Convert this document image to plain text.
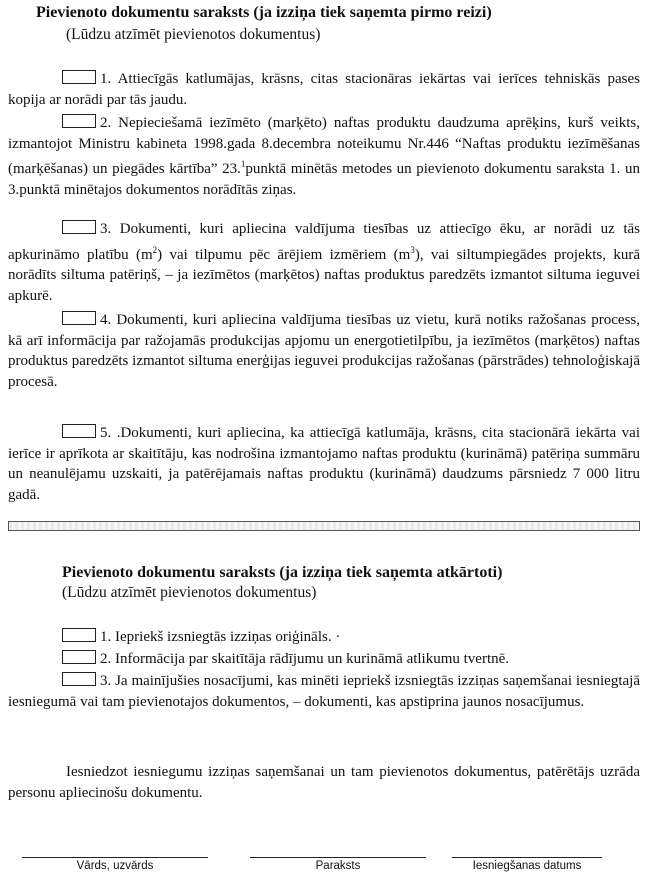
Pievienoto dokumentu saraksts (ja izziņa tiek saņemta pirmo reizi)
(Lūdzu atzīmēt pievienotos dokumentus)
1. Attiecīgās katlumājas, krāsns, citas stacionāras iekārtas vai ierīces tehniskās pases kopija ar norādi par tās jaudu.
2. Nepieciešamā iezīmēto (marķēto) naftas produktu daudzuma aprēķins, kurš veikts, izmantojot Ministru kabineta 1998.gada 8.decembra noteikumu Nr.446 “Naftas produktu iezīmēšanas (marķēšanas) un piegādes kārtība” 23.$^1$punktā minētās metodes un pievienoto dokumentu saraksta 1. un 3.punktā minētajos dokumentos norādītās ziņas.
3. Dokumenti, kuri apliecina valdījuma tiesības uz attiecīgo ēku, ar norādi uz tās apkurināmo platību $(m^2)$ vai tilpumu pēc ārējiem izmēriem $(m^3)$, vai siltumpiegādes projekts, kurā norādīts siltuma patēriņš, – ja iezīmētos (marķētos) naftas produktus paredzēts izmantot siltuma ieguvei apkurē.
4. Dokumenti, kuri apliecina valdījuma tiesības uz vietu, kurā notiks ražošanas process, kā arī informācija par ražojamās produkcijas apjomu un energotietilpību, ja iezīmētos (marķētos) naftas produktus paredzēts izmantot siltuma enerģijas ieguvei produkcijas ražošanas (pārstrādes) tehnoloģiskajā procesā.
5. .Dokumenti, kuri apliecina, ka attiecīgā katlumāja, krāsns, cita stacionārā iekārta vai ierīce ir aprīkota ar skaitītāju, kas nodrošina izmantojamo naftas produktu (kurināmā) patēriņa summāru un neanulējamu uzskaiti, ja patērējamais naftas produktu (kurināmā) daudzums pārsniedz 7 000 litru gadā.
Pievienoto dokumentu saraksts (ja izziņa tiek saņemta atkārtoti)
(Lūdzu atzīmēt pievienotos dokumentus)
1. Iepriekš izsniegtās izziņas oriģināls. ·
2. Informācija par skaitītāja rādījumu un kurināmā atlikumu tvertnē.
3. Ja mainījušies nosacījumi, kas minēti iepriekš izsniegtās izziņas saņemšanai iesniegtajā iesniegumā vai tam pievienotajos dokumentos, – dokumenti, kas apstiprina jaunos nosacījumus.
Iesniedzot iesniegumu izziņas saņemšanai un tam pievienotos dokumentus, patērētājs uzrāda personu apliecinošu dokumentu.
Vārds, uzvārds	Paraksts	Iesniegšanas datums
